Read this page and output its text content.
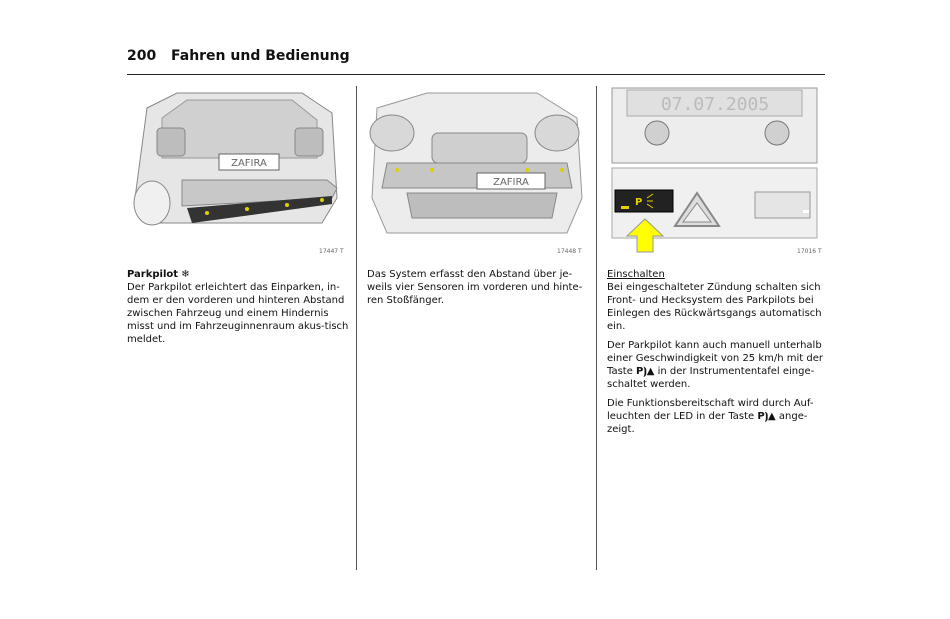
200 Fahren und Bedienung
ZAFIRA
17447 T
ZAFIRA
17448 T
07.07.2005
P
17016 T

Parkpilot ❄
Der Parkpilot erleichtert das Einparken, in-dem er den vorderen und hinteren Abstand zwischen Fahrzeug und einem Hindernis misst und im Fahrzeuginnenraum akus-tisch meldet.

Das System erfasst den Abstand über je-weils vier Sensoren im vorderen und hinte-ren Stoßfänger.

Einschalten
Bei eingeschalteter Zündung schalten sich Front- und Hecksystem des Parkpilots bei Einlegen des Rückwärtsgangs automatisch ein.

Der Parkpilot kann auch manuell unterhalb einer Geschwindigkeit von 25 km/h mit der Taste P⦘▲ in der Instrumententafel einge-schaltet werden.

Die Funktionsbereitschaft wird durch Auf-leuchten der LED in der Taste P⦘▲ ange-zeigt.
